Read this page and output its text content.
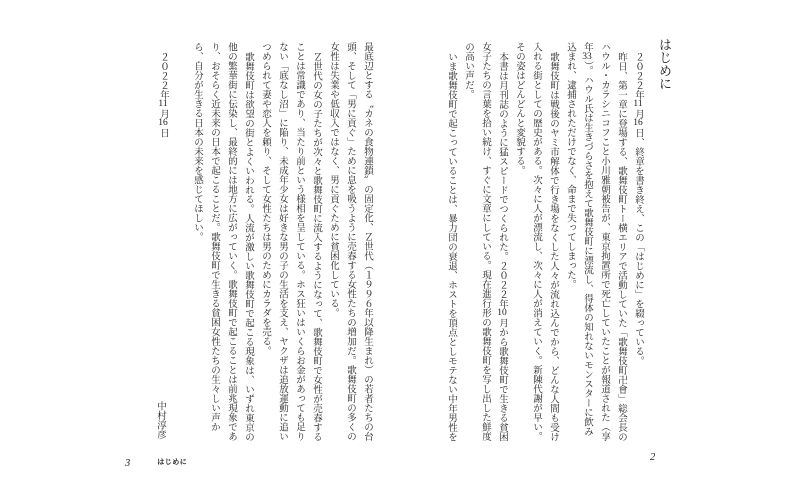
はじめに

２０２２年11月16日、終章を書き終え、この「はじめに」を綴っている。

昨日、第一章に登場する、歌舞伎町トー横エリアで活動していた「歌舞伎町卍會」総会長のハウル・カラシニコフこと小川雅朝被告が、東京拘置所で死亡していたことが報道された（享年33）。ハウル氏は生きづらさを抱えて歌舞伎町に漂流し、得体の知れないモンスターに飲み込まれ、逮捕されただけでなく、命まで失ってしまった。

歌舞伎町は戦後のヤミ市解体で行き場をなくした人々が流れ込んでから、どんな人間も受け入れる街としての歴史がある。次々に人が漂流し、次々に人が消えていく。新陳代謝が早い。その姿はどんどんと変貌する。

本書は月刊誌のように猛スピードでつくられた。２０２２年10月から歌舞伎町で生きる貧困女子たちの言葉を拾い続け、すぐに文章にしている。現在進行形の歌舞伎町を写し出した鮮度の高い声だ。

いま歌舞伎町で起こっていることは、暴力団の衰退、ホストを頂点としモテない中年男性を

最底辺とする〝カネの食物連鎖〟の固定化、Ｚ世代（１９９６年以降生まれ）の若者たちの台頭、そして「男に貢ぐ」ために息を吸うように売春する女性たちの増加だ。歌舞伎町の多くの女性は失業や低収入ではなく、男に貢ぐために貧困化している。

Ｚ世代の女の子たちが次々と歌舞伎町に流入するようになって、歌舞伎町で女性が売春することは常識であり、当たり前という様相を呈している。ホス狂いはいくらお金があっても足りない「底なし沼」に陥り、未成年少女は好きな男の子の生活を支え、ヤクザは追放運動に追いつめられて妻や恋人を頼り、そして女性たちは男のためにカラダを売る。

歌舞伎町は欲望の街とよくいわれる。人流が激しい歌舞伎町で起こる現象は、いずれ東京の他の繁華街に伝染し、最終的には地方に広がっていく。歌舞伎町で起こることは前兆現象であり、おそらく近未来の日本で起こることだ。歌舞伎町で生きる貧困女性たちの生々しい声から、自分が生きる日本の未来を感じてほしい。

２０２２年11月16日
中村淳彦

2
3	はじめに
